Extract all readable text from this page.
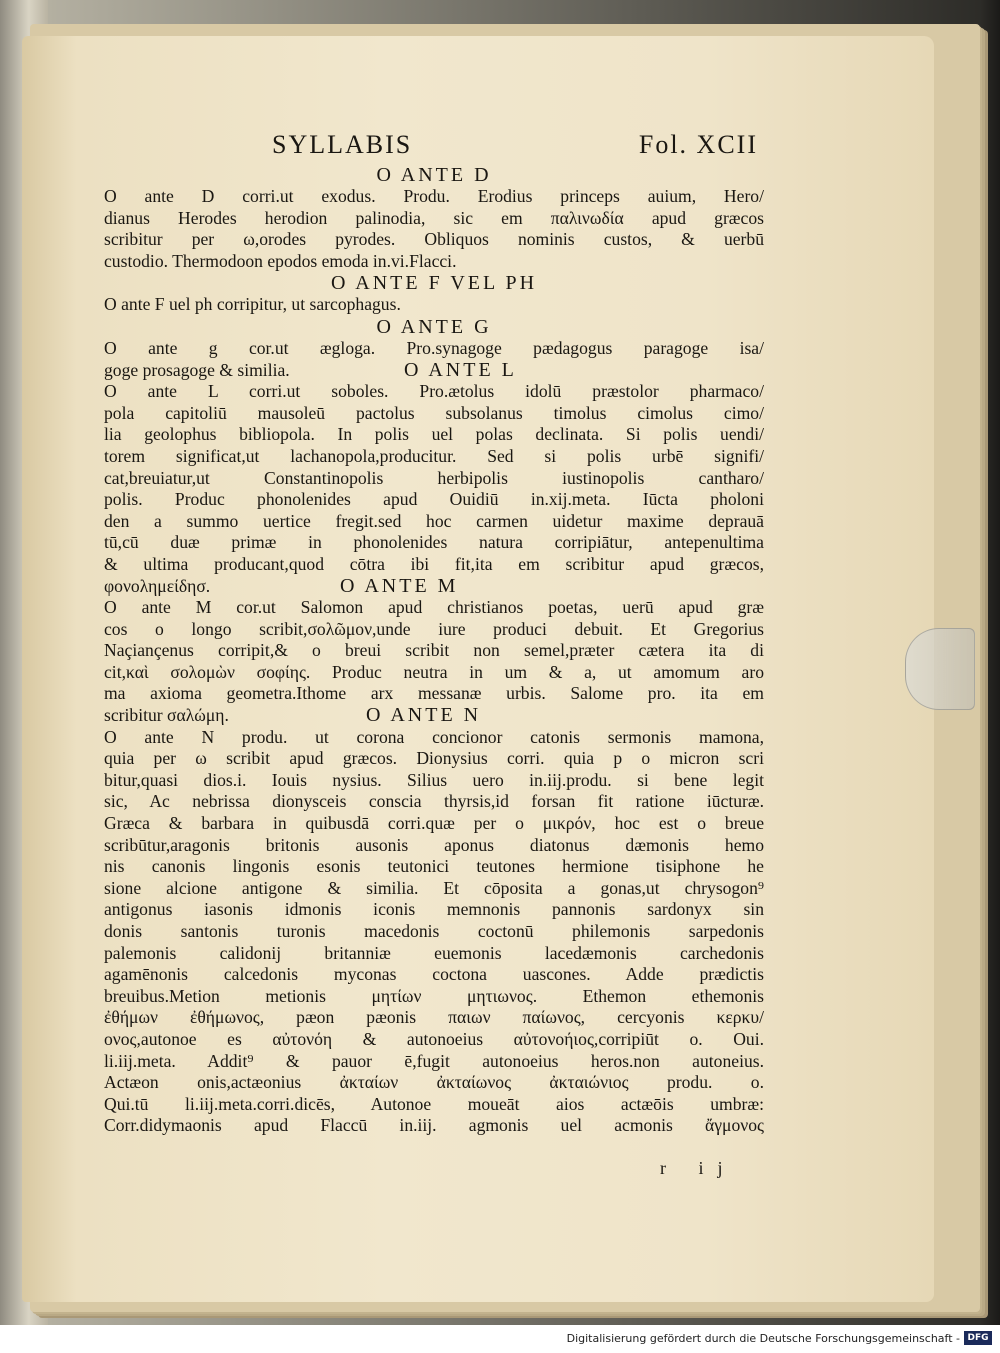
SYLLABIS	Fol. XCII
O ANTE D
O ante D corri.ut exodus. Produ. Erodius princeps auium, Hero/
dianus Herodes herodion palinodia, sic em παλινωδία apud græcos
scribitur per ω,orodes pyrodes. Obliquos nominis custos, & uerbū
custodio. Thermodoon epodos emoda in.vi.Flacci.
O ANTE F VEL PH
O ante F uel ph corripitur, ut sarcophagus.
O ANTE G
O ante g cor.ut ægloga. Pro.synagoge pædagogus paragoge isa/
goge prosagoge & similia.	O ANTE L
O ante L corri.ut soboles. Pro.ætolus idolū præstolor pharmaco/
pola capitoliū mausoleū pactolus subsolanus timolus cimolus cimo/
lia geolophus bibliopola. In polis uel polas declinata. Si polis uendi/
torem significat,ut lachanopola,producitur. Sed si polis urbē signifi/
cat,breuiatur,ut Constantinopolis herbipolis iustinopolis cantharo/
polis. Produc phonolenides apud Ouidiū in.xij.meta. Iūcta pholoni
den a summo uertice fregit.sed hoc carmen uidetur maxime deprauā
tū,cū duæ primæ in phonolenides natura corripiātur, antepenultima
& ultima producant,quod cōtra ibi fit,ita em scribitur apud græcos,
φονολημείδησ.	O ANTE M
O ante M cor.ut Salomon apud christianos poetas, uerū apud græ
cos o longo scribit,σολῶμον,unde iure produci debuit. Et Gregorius
Naçiançenus corripit,& o breui scribit non semel,præter cætera ita di
cit,καὶ σολομὼν σοφίης. Produc neutra in um & a, ut amomum aro
ma axioma geometra.Ithome arx messanæ urbis. Salome pro. ita em
scribitur σαλώμη.	O ANTE N
O ante N produ. ut corona concionor catonis sermonis mamona,
quia per ω scribit apud græcos. Dionysius corri. quia p o micron scri
bitur,quasi dios.i. Iouis nysius. Silius uero in.iij.produ. si bene legit
sic, Ac nebrissa dionysceis conscia thyrsis,id forsan fit ratione iūcturæ.
Græca & barbara in quibusdā corri.quæ per ο μικρόν, hoc est o breue
scribūtur,aragonis britonis ausonis aponus diatonus dæmonis hemo
nis canonis lingonis esonis teutonici teutones hermione tisiphone he
sione alcione antigone & similia. Et cōposita a gonas,ut chrysogon⁹
antigonus iasonis idmonis iconis memnonis pannonis sardonyx sin
donis santonis turonis macedonis coctonū philemonis sarpedonis
palemonis calidonij britanniæ euemonis lacedæmonis carchedonis
agamēnonis calcedonis myconas coctona uascones. Adde prædictis
breuibus.Metion metionis μητίων μητιωνος. Ethemon ethemonis
ἐθήμων ἐθήμωνος, pæon pæonis παιων παίωνος, cercyonis κερκυ/
ονος,autonoe es αὐτονόη & autonoeius αὐτονοήιος,corripiūt o. Oui.
li.iij.meta. Addit⁹ & pauor ē,fugit autonoeius heros.non autoneius.
Actæon onis,actæonius ἀκταίων ἀκταίωνος ἀκταιώνιος produ. o.
Qui.tū li.iij.meta.corri.dicēs, Autonoe moueāt aios actæōis umbræ:
Corr.didymaonis apud Flaccū in.iij. agmonis uel acmonis ἄγμονος
r ij
Digitalisierung gefördert durch die Deutsche Forschungsgemeinschaft - DFG
